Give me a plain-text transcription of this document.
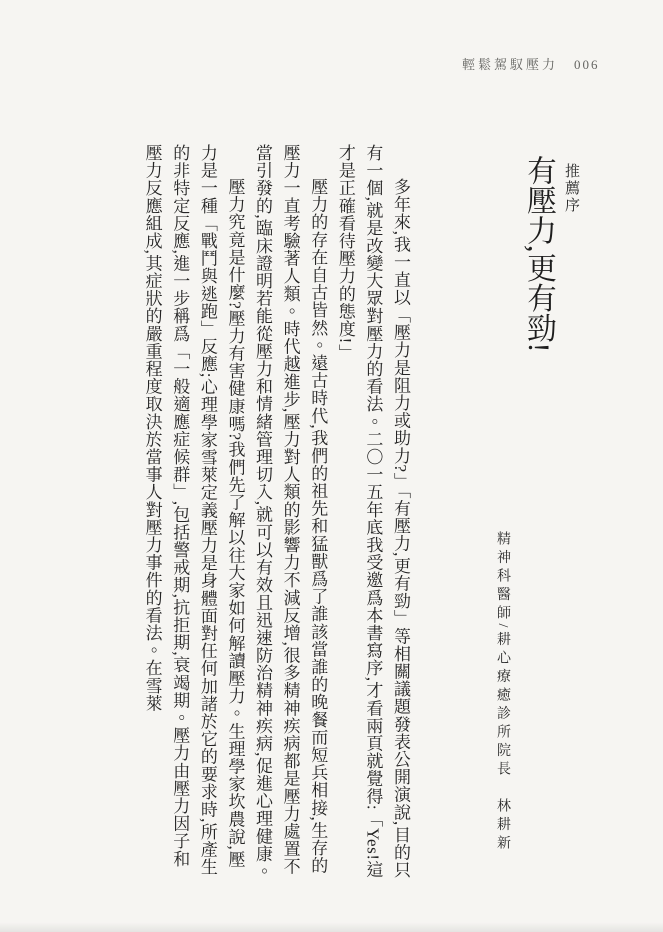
輕鬆駕馭壓力 006
推薦序
有壓力,更有勁!
精神科醫師/耕心療癒診所院長　林耕新

多年來,我一直以「壓力是阻力或助力?」「有壓力,更有勁」等相關議題發表公開演說,目的只有一個,就是改變大眾對壓力的看法。二〇一五年底我受邀爲本書寫序,才看兩頁就覺得:「Yes!這才是正確看待壓力的態度!」

壓力的存在自古皆然。遠古時代,我們的祖先和猛獸爲了誰該當誰的晚餐而短兵相接,生存的壓力一直考驗著人類。時代越進步,壓力對人類的影響力不減反增,很多精神疾病都是壓力處置不當引發的,臨床證明若能從壓力和情緒管理切入,就可以有效且迅速防治精神疾病,促進心理健康。

壓力究竟是什麼?壓力有害健康嗎?我們先了解以往大家如何解讀壓力。生理學家坎農說,壓力是一種「戰鬥與逃跑」反應;心理學家雪萊定義壓力是身體面對任何加諸於它的要求時,所產生的非特定反應,進一步稱爲「一般適應症候群」,包括警戒期,抗拒期,衰竭期。壓力由壓力因子和壓力反應組成,其症狀的嚴重程度取決於當事人對壓力事件的看法。在雪萊
